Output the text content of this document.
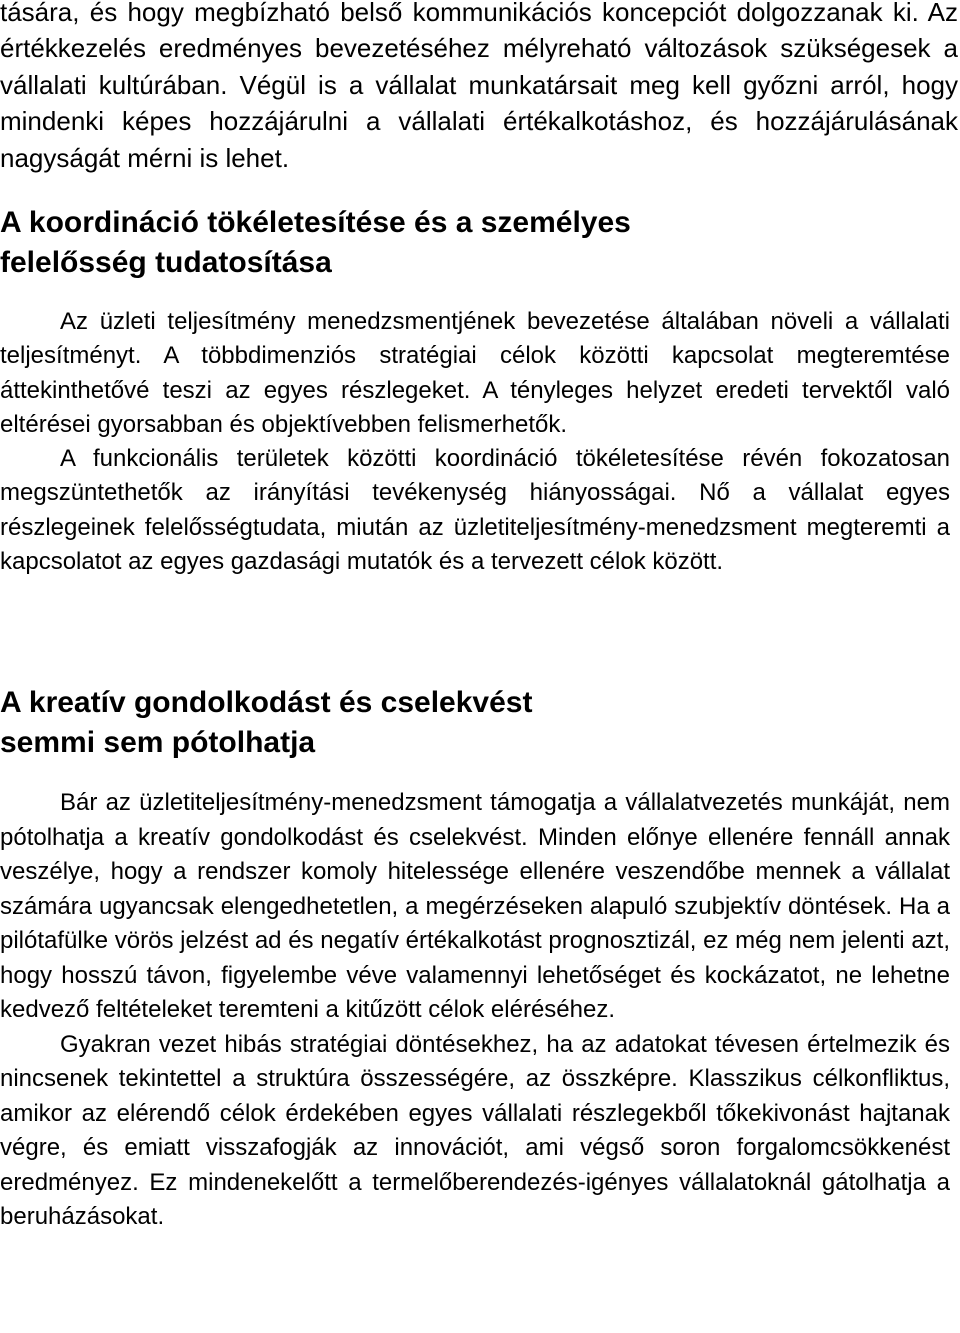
tására, és hogy megbízható belső kommunikációs koncepciót dolgozzanak ki. Az értékkezelés eredményes bevezetéséhez mélyreható változások szükségesek a vállalati kultúrában. Végül is a vállalat munkatársait meg kell győzni arról, hogy mindenki képes hozzájárulni a vállalati értékalkotáshoz, és hozzájárulásának nagyságát mérni is lehet.

A koordináció tökéletesítése és a személyes
felelősség tudatosítása

Az üzleti teljesítmény menedzsmentjének bevezetése általában növeli a vállalati teljesítményt. A többdimenziós stratégiai célok közötti kapcsolat megteremtése áttekinthetővé teszi az egyes részlegeket. A tényleges helyzet eredeti tervektől való eltérései gyorsabban és objektívebben felismerhetők.

A funkcionális területek közötti koordináció tökéletesítése révén fokozatosan megszüntethetők az irányítási tevékenység hiányosságai. Nő a vállalat egyes részlegeinek felelősségtudata, miután az üzletiteljesítmény-menedzsment megteremti a kapcsolatot az egyes gazdasági mutatók és a tervezett célok között.

A kreatív gondolkodást és cselekvést
semmi sem pótolhatja

Bár az üzletiteljesítmény-menedzsment támogatja a vállalatvezetés munkáját, nem pótolhatja a kreatív gondolkodást és cselekvést. Minden előnye ellenére fennáll annak veszélye, hogy a rendszer komoly hitelessége ellenére veszendőbe mennek a vállalat számára ugyancsak elengedhetetlen, a megérzéseken alapuló szubjektív döntések. Ha a pilótafülke vörös jelzést ad és negatív értékalkotást prognosztizál, ez még nem jelenti azt, hogy hosszú távon, figyelembe véve valamennyi lehetőséget és kockázatot, ne lehetne kedvező feltételeket teremteni a kitűzött célok eléréséhez.

Gyakran vezet hibás stratégiai döntésekhez, ha az adatokat tévesen értelmezik és nincsenek tekintettel a struktúra összességére, az összképre. Klasszikus célkonfliktus, amikor az elérendő célok érdekében egyes vállalati részlegekből tőkekivonást hajtanak végre, és emiatt visszafogják az innovációt, ami végső soron forgalomcsökkenést eredményez. Ez mindenekelőtt a termelőberendezés-igényes vállalatoknál gátolhatja a beruházásokat.
